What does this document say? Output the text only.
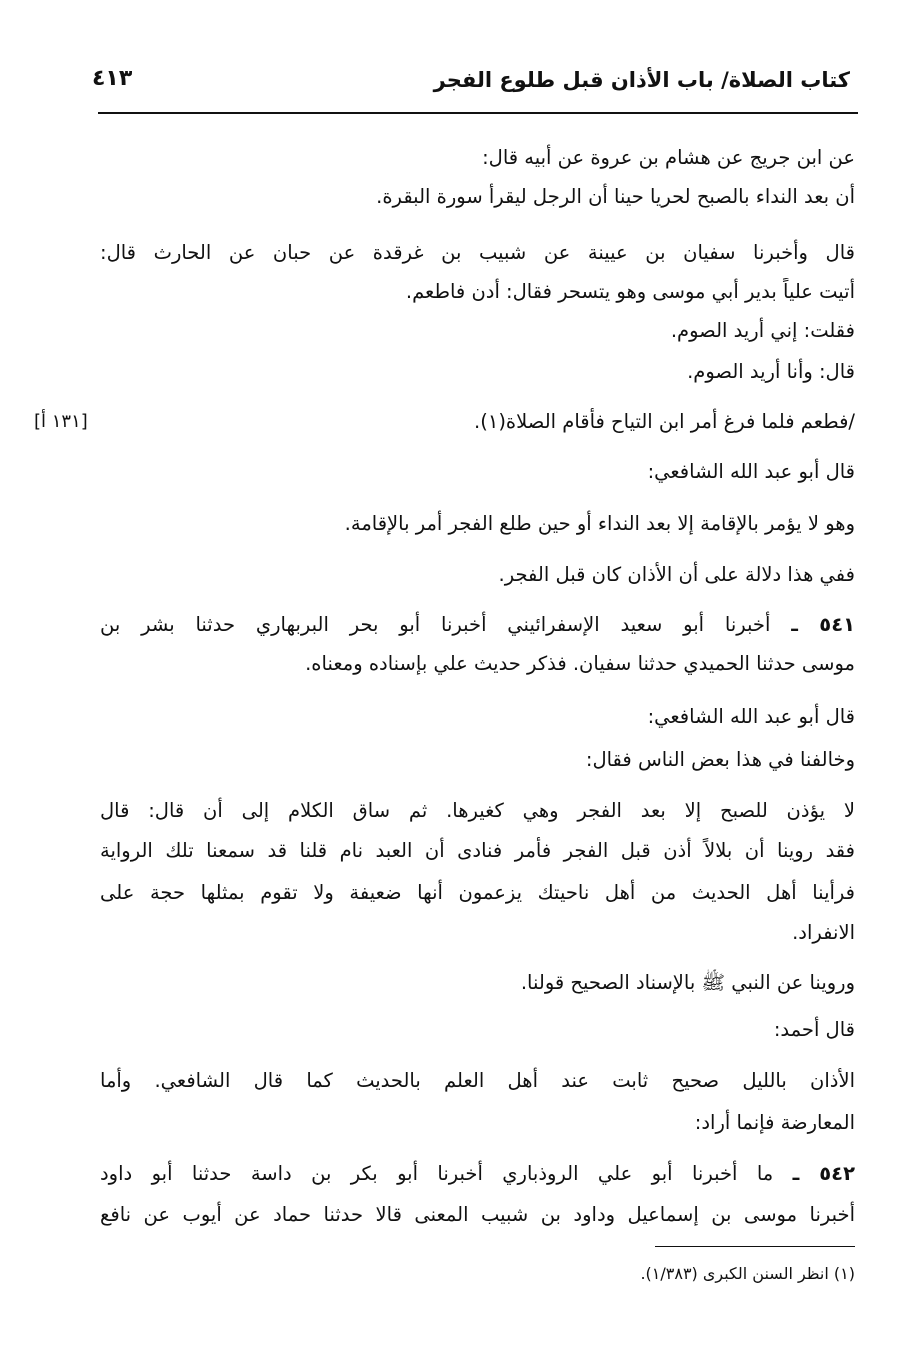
كتاب الصلاة/ باب الأذان قبل طلوع الفجر
٤١٣
عن ابن جريج عن هشام بن عروة عن أبيه قال:
أن بعد النداء بالصبح لحريا حينا أن الرجل ليقرأ سورة البقرة.
قال وأخبرنا سفيان بن عيينة عن شبيب بن غرقدة عن حبان عن الحارث قال:
أتيت علياً بدير أبي موسى وهو يتسحر فقال: أدن فاطعم.
فقلت: إني أريد الصوم.
قال: وأنا أريد الصوم.
/فطعم فلما فرغ أمر ابن التياح فأقام الصلاة(١).
[١٣١ أ]
قال أبو عبد الله الشافعي:
وهو لا يؤمر بالإقامة إلا بعد النداء أو حين طلع الفجر أمر بالإقامة.
ففي هذا دلالة على أن الأذان كان قبل الفجر.
٥٤١ ـ أخبرنا أبو سعيد الإسفرائيني أخبرنا أبو بحر البربهاري حدثنا بشر بن
موسى حدثنا الحميدي حدثنا سفيان. فذكر حديث علي بإسناده ومعناه.
قال أبو عبد الله الشافعي:
وخالفنا في هذا بعض الناس فقال:
لا يؤذن للصبح إلا بعد الفجر وهي كغيرها. ثم ساق الكلام إلى أن قال: قال
فقد روينا أن بلالاً أذن قبل الفجر فأمر فنادى أن العبد نام قلنا قد سمعنا تلك الرواية
فرأينا أهل الحديث من أهل ناحيتك يزعمون أنها ضعيفة ولا تقوم بمثلها حجة على
الانفراد.
وروينا عن النبي ﷺ بالإسناد الصحيح قولنا.
قال أحمد:
الأذان بالليل صحيح ثابت عند أهل العلم بالحديث كما قال الشافعي. وأما
المعارضة فإنما أراد:
٥٤٢ ـ ما أخبرنا أبو علي الروذباري أخبرنا أبو بكر بن داسة حدثنا أبو داود
أخبرنا موسى بن إسماعيل وداود بن شبيب المعنى قالا حدثنا حماد عن أيوب عن نافع
(١) انظر السنن الكبرى (١/٣٨٣).
